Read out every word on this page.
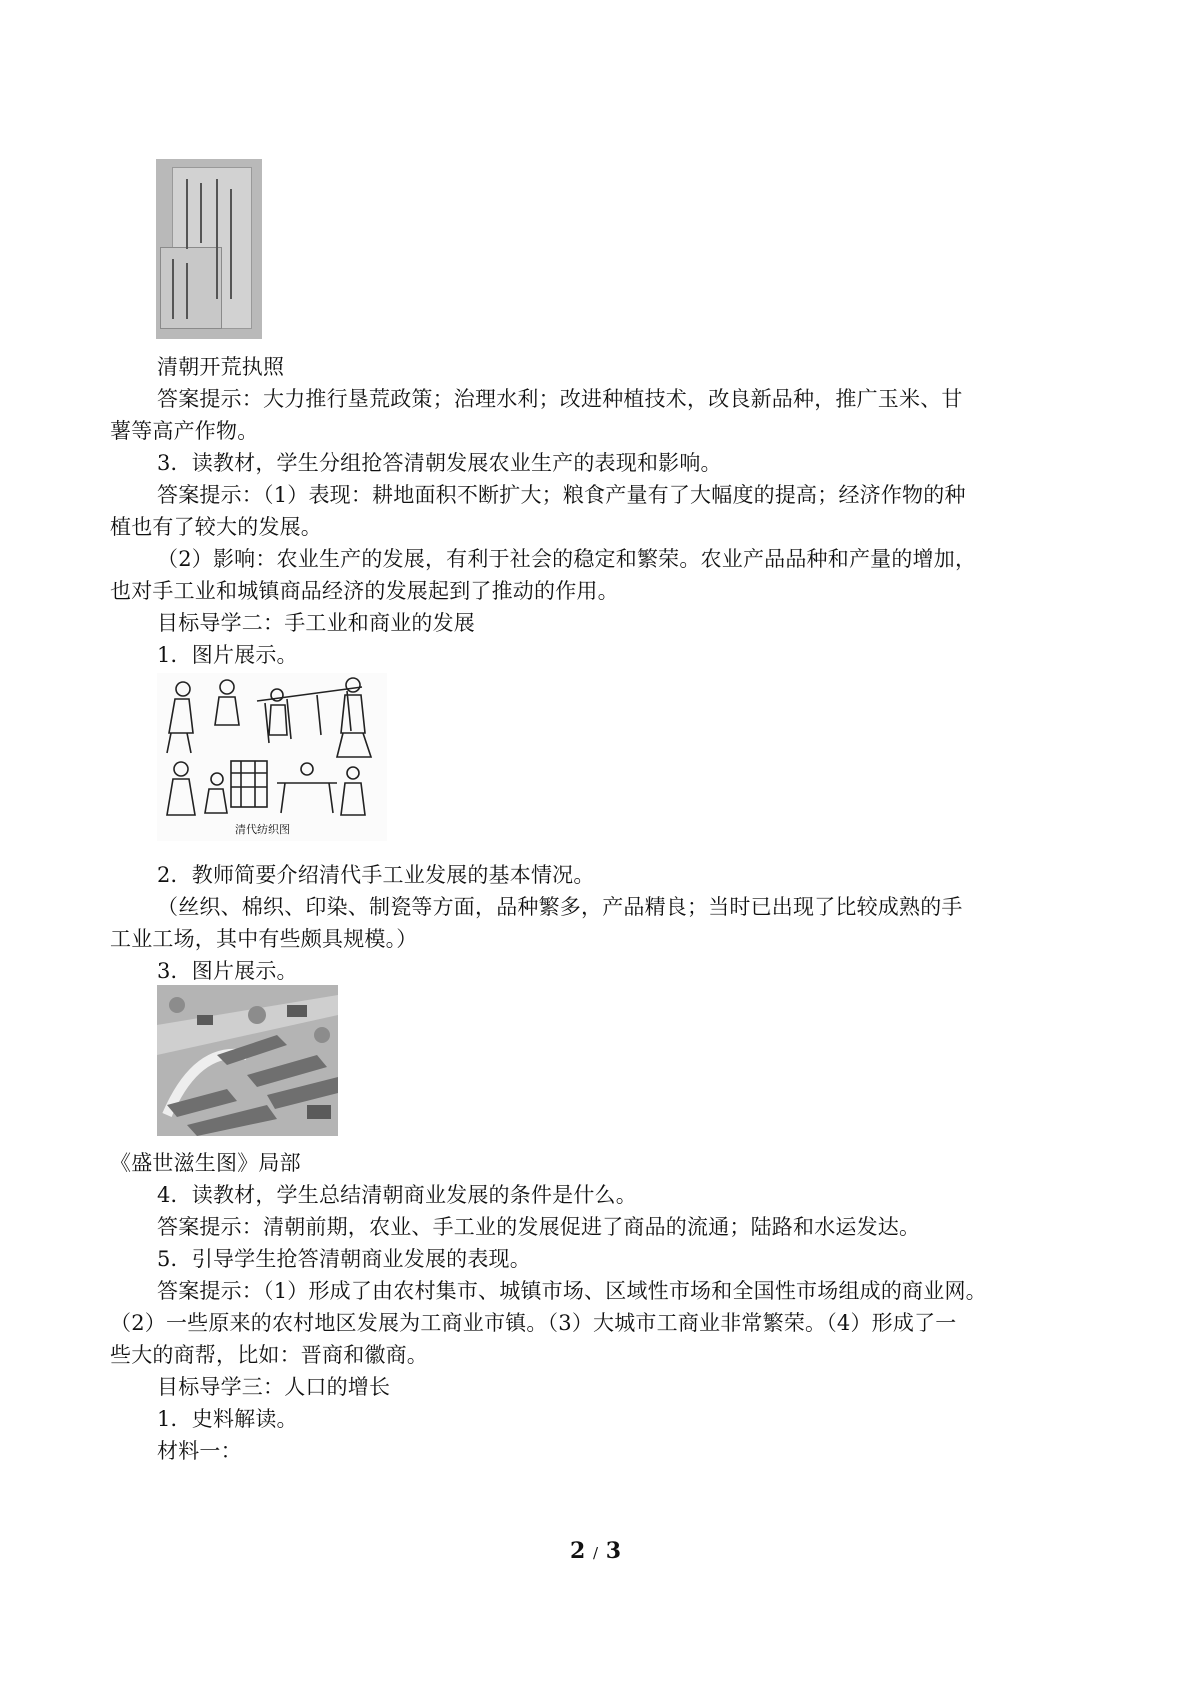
清朝开荒执照
答案提示：大力推行垦荒政策；治理水利；改进种植技术，改良新品种，推广玉米、甘
薯等高产作物。
3．读教材，学生分组抢答清朝发展农业生产的表现和影响。
答案提示：（1）表现：耕地面积不断扩大；粮食产量有了大幅度的提高；经济作物的种
植也有了较大的发展。
（2）影响：农业生产的发展，有利于社会的稳定和繁荣。农业产品品种和产量的增加，
也对手工业和城镇商品经济的发展起到了推动的作用。
目标导学二：手工业和商业的发展
1．图片展示。
清代纺织图
2．教师简要介绍清代手工业发展的基本情况。
（丝织、棉织、印染、制瓷等方面，品种繁多，产品精良；当时已出现了比较成熟的手
工业工场，其中有些颇具规模。）
3．图片展示。
《盛世滋生图》局部
4．读教材，学生总结清朝商业发展的条件是什么。
答案提示：清朝前期，农业、手工业的发展促进了商品的流通；陆路和水运发达。
5．引导学生抢答清朝商业发展的表现。
答案提示：（1）形成了由农村集市、城镇市场、区域性市场和全国性市场组成的商业网。
（2）一些原来的农村地区发展为工商业市镇。（3）大城市工商业非常繁荣。（4）形成了一
些大的商帮，比如：晋商和徽商。
目标导学三：人口的增长
1．史料解读。
材料一：
2 / 3
